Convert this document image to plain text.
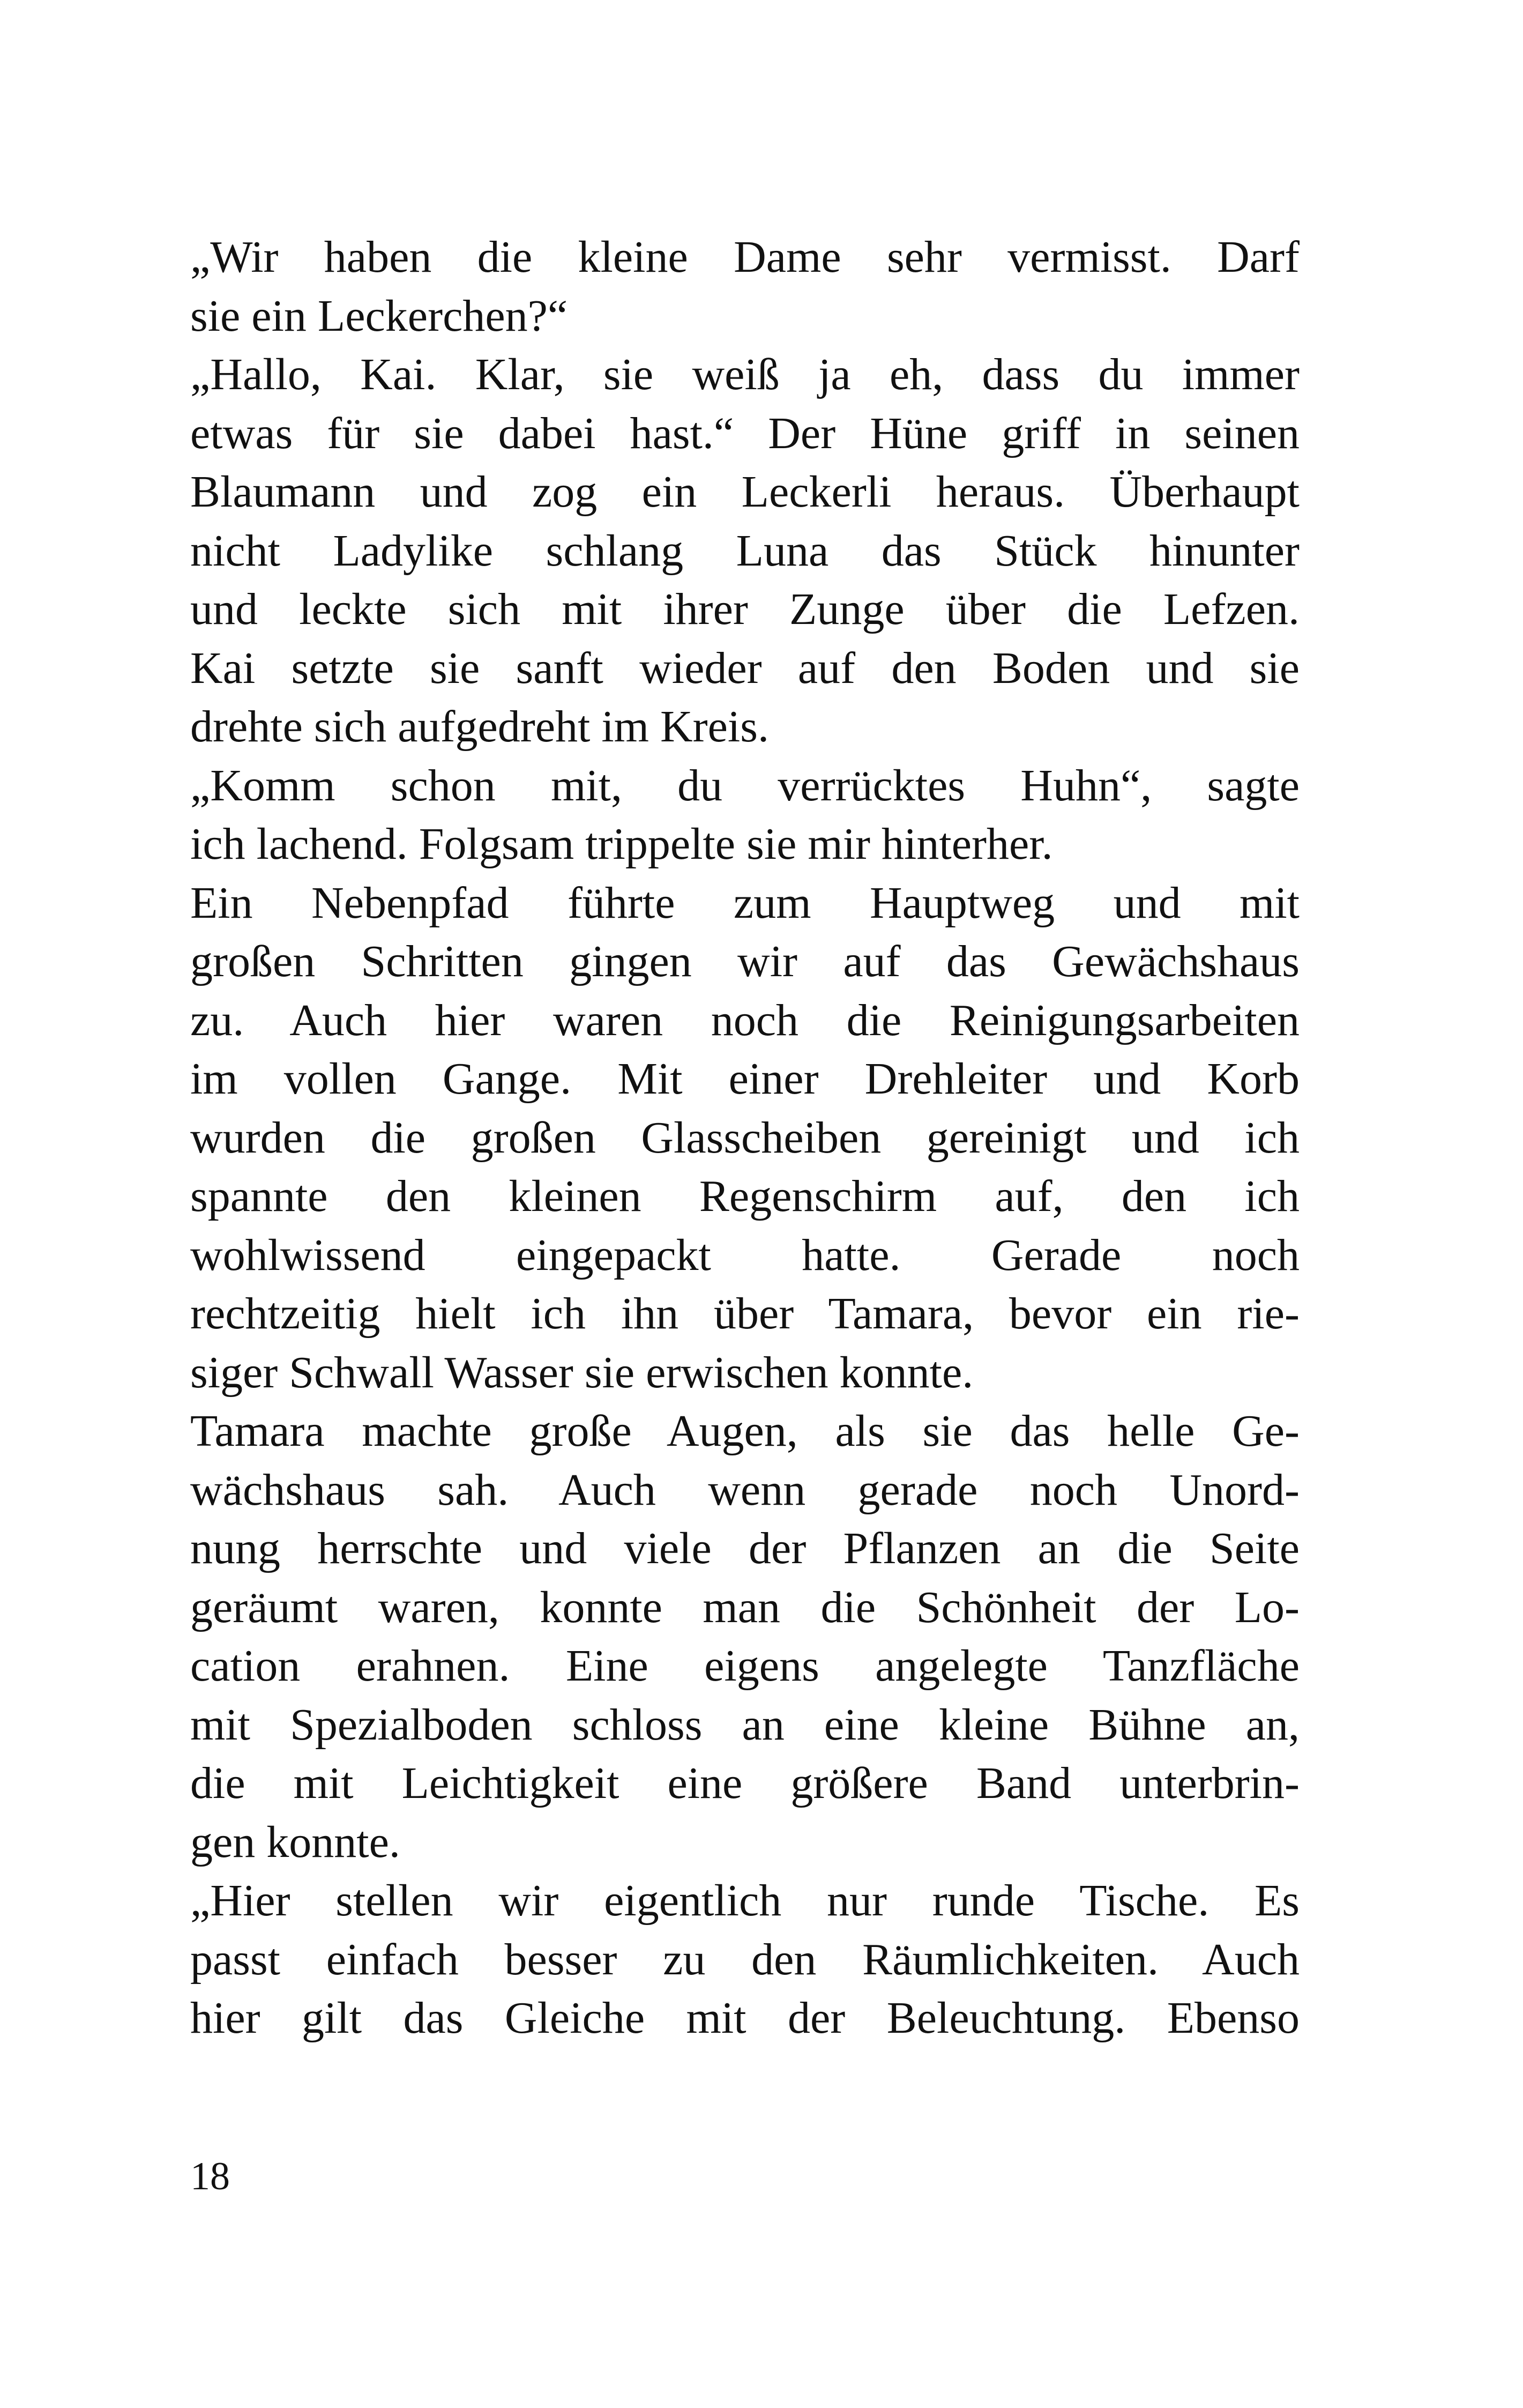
„Wir haben die kleine Dame sehr vermisst. Darf
sie ein Leckerchen?“
„Hallo, Kai. Klar, sie weiß ja eh, dass du immer
etwas für sie dabei hast.“ Der Hüne griff in seinen
Blaumann und zog ein Leckerli heraus. Überhaupt
nicht Ladylike schlang Luna das Stück hinunter
und leckte sich mit ihrer Zunge über die Lefzen.
Kai setzte sie sanft wieder auf den Boden und sie
drehte sich aufgedreht im Kreis.
„Komm schon mit, du verrücktes Huhn“, sagte
ich lachend. Folgsam trippelte sie mir hinterher.
Ein Nebenpfad führte zum Hauptweg und mit
großen Schritten gingen wir auf das Gewächshaus
zu. Auch hier waren noch die Reinigungsarbeiten
im vollen Gange. Mit einer Drehleiter und Korb
wurden die großen Glasscheiben gereinigt und ich
spannte den kleinen Regenschirm auf, den ich
wohlwissend eingepackt hatte. Gerade noch
rechtzeitig hielt ich ihn über Tamara, bevor ein rie-
siger Schwall Wasser sie erwischen konnte.
Tamara machte große Augen, als sie das helle Ge-
wächshaus sah. Auch wenn gerade noch Unord-
nung herrschte und viele der Pflanzen an die Seite
geräumt waren, konnte man die Schönheit der Lo-
cation erahnen. Eine eigens angelegte Tanzfläche
mit Spezialboden schloss an eine kleine Bühne an,
die mit Leichtigkeit eine größere Band unterbrin-
gen konnte.
„Hier stellen wir eigentlich nur runde Tische. Es
passt einfach besser zu den Räumlichkeiten. Auch
hier gilt das Gleiche mit der Beleuchtung. Ebenso
18
